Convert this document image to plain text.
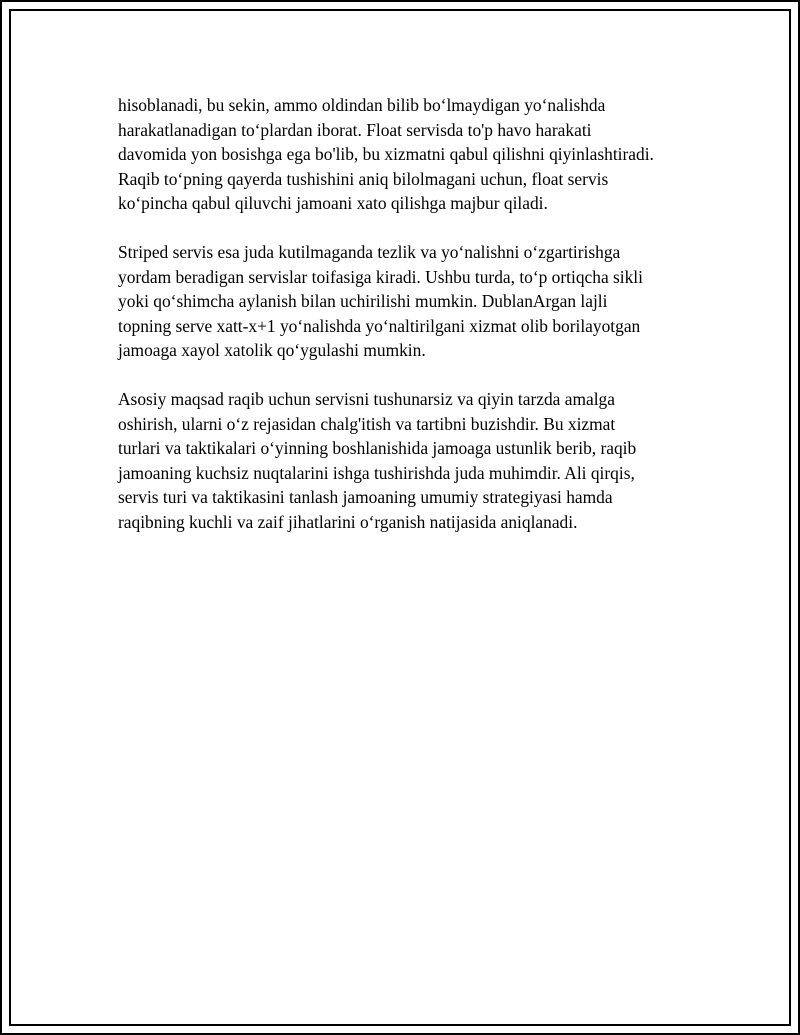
hisoblanadi, bu sekin, ammo oldindan bilib bo‘lmaydigan yo‘nalishda
harakatlanadigan to‘plardan iborat. Float servisda to'p havo harakati
davomida yon bosishga ega bo'lib, bu xizmatni qabul qilishni qiyinlashtiradi.
Raqib to‘pning qayerda tushishini aniq bilolmagani uchun, float servis
ko‘pincha qabul qiluvchi jamoani xato qilishga majbur qiladi.

Striped servis esa juda kutilmaganda tezlik va yo‘nalishni o‘zgartirishga
yordam beradigan servislar toifasiga kiradi. Ushbu turda, to‘p ortiqcha sikli
yoki qo‘shimcha aylanish bilan uchirilishi mumkin. DublanArgan lajli
topning serve xatt-x+1 yo‘nalishda yo‘naltirilgani xizmat olib borilayotgan
jamoaga xayol xatolik qo‘ygulashi mumkin.

Asosiy maqsad raqib uchun servisni tushunarsiz va qiyin tarzda amalga
oshirish, ularni o‘z rejasidan chalg'itish va tartibni buzishdir. Bu xizmat
turlari va taktikalari o‘yinning boshlanishida jamoaga ustunlik berib, raqib
jamoaning kuchsiz nuqtalarini ishga tushirishda juda muhimdir. Ali qirqis,
servis turi va taktikasini tanlash jamoaning umumiy strategiyasi hamda
raqibning kuchli va zaif jihatlarini o‘rganish natijasida aniqlanadi.
